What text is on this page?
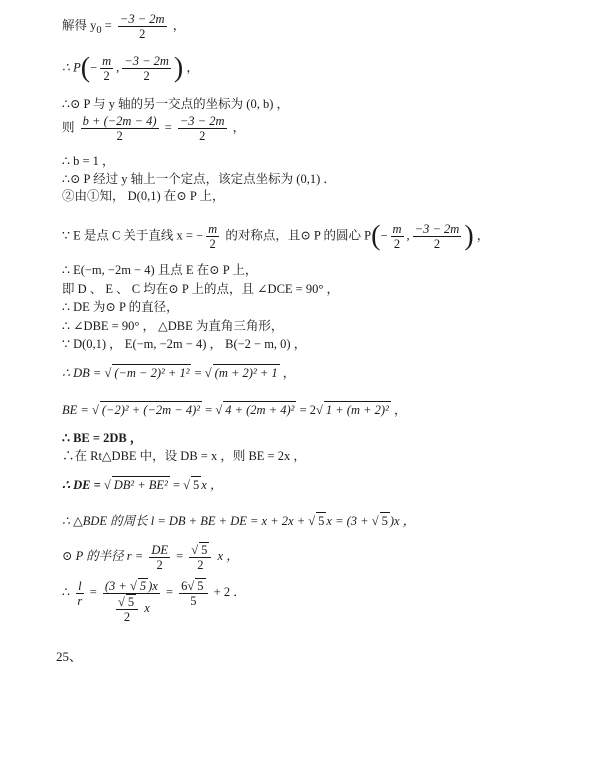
解得 $y_0 = \frac{-3 - 2m}{2}$ ，
∴ $P(- \frac{m}{2}$ , $\frac{-3 - 2m}{2}$ ) ，
∴⊙ P 与 y 轴的另一交点的坐标为 (0, b) ，
则 $\frac{b + (-2m - 4)}{2} = \frac{-3 - 2m}{2}$ ，
∴ b = 1 ，
∴⊙ P 经过 y 轴上一个定点，该定点坐标为 (0,1) ．
②由①知， D(0,1) 在⊙ P 上，
∵ E 是点 C 关于直线 x = − $\frac{m}{2}$ 的对称点，且⊙ P 的圆心 $P(- \frac{m}{2}$ , $\frac{-3 - 2m}{2}$ ) ，
∴ E(−m, −2m − 4) 且点 E 在⊙ P 上，
即 D 、 E 、 C 均在⊙ P 上的点，且 ∠DCE = 90° ，
∴ DE 为⊙ P 的直径，
∴ ∠DBE = 90° ， △DBE 为直角三角形，
∵ D(0,1) ， E(−m, −2m − 4) ， B(−2 − m, 0) ，
∴ DB = √ (−m − 2)² + 1² = √ (m + 2)² + 1 ，
BE = √ (−2)² + (−2m − 4)² = √ 4 + (2m + 4)² = 2√ 1 + (m + 2)² ，
∴ BE = 2DB ，
∴在 Rt△DBE 中，设 DB = x ，则 BE = 2x ，
∴ DE = √ DB² + BE² = √ 5 x ，
∴ △BDE 的周长 l = DB + BE + DE = x + 2x + √ 5 x = (3 + √ 5 )x ，
⊙ P 的半径 $r = \frac{DE}{2} = \frac{√ 5}{2}$ x ，
∴ $\frac{l}{r} = \frac{(3 + √ 5 )x}{\frac{√ 5}{2} x} = \frac{6√ 5}{5} + 2$ ．
25、
